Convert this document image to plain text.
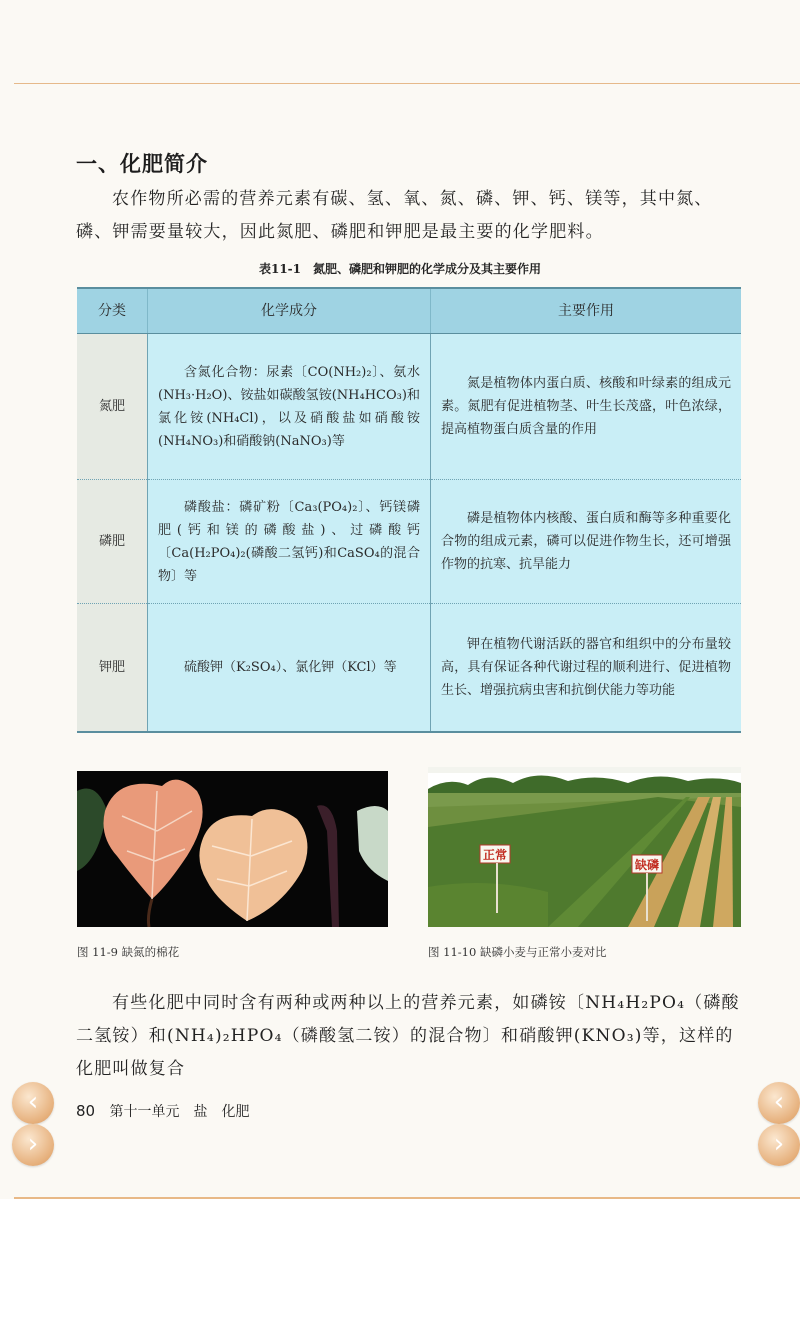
一、化肥简介
农作物所必需的营养元素有碳、氢、氧、氮、磷、钾、钙、镁等，其中氮、磷、钾需要量较大，因此氮肥、磷肥和钾肥是最主要的化学肥料。
表11-1　氮肥、磷肥和钾肥的化学成分及其主要作用
分类	化学成分	主要作用
氮肥	含氮化合物：尿素〔CO(NH₂)₂〕、氨水(NH₃·H₂O)、铵盐如碳酸氢铵(NH₄HCO₃)和氯化铵(NH₄Cl)，以及硝酸盐如硝酸铵(NH₄NO₃)和硝酸钠(NaNO₃)等	氮是植物体内蛋白质、核酸和叶绿素的组成元素。氮肥有促进植物茎、叶生长茂盛，叶色浓绿，提高植物蛋白质含量的作用
磷肥	磷酸盐：磷矿粉〔Ca₃(PO₄)₂〕、钙镁磷肥(钙和镁的磷酸盐)、过磷酸钙〔Ca(H₂PO₄)₂(磷酸二氢钙)和CaSO₄的混合物〕等	磷是植物体内核酸、蛋白质和酶等多种重要化合物的组成元素，磷可以促进作物生长，还可增强作物的抗寒、抗旱能力
钾肥	硫酸钾（K₂SO₄）、氯化钾（KCl）等	钾在植物代谢活跃的器官和组织中的分布量较高，具有保证各种代谢过程的顺利进行、促进植物生长、增强抗病虫害和抗倒伏能力等功能
正常
缺磷
图 11-9 缺氮的棉花	图 11-10 缺磷小麦与正常小麦对比
有些化肥中同时含有两种或两种以上的营养元素，如磷铵〔NH₄H₂PO₄（磷酸二氢铵）和(NH₄)₂HPO₄（磷酸氢二铵）的混合物〕和硝酸钾(KNO₃)等，这样的化肥叫做复合
80 第十一单元　盐　化肥
‹
›
‹
›
